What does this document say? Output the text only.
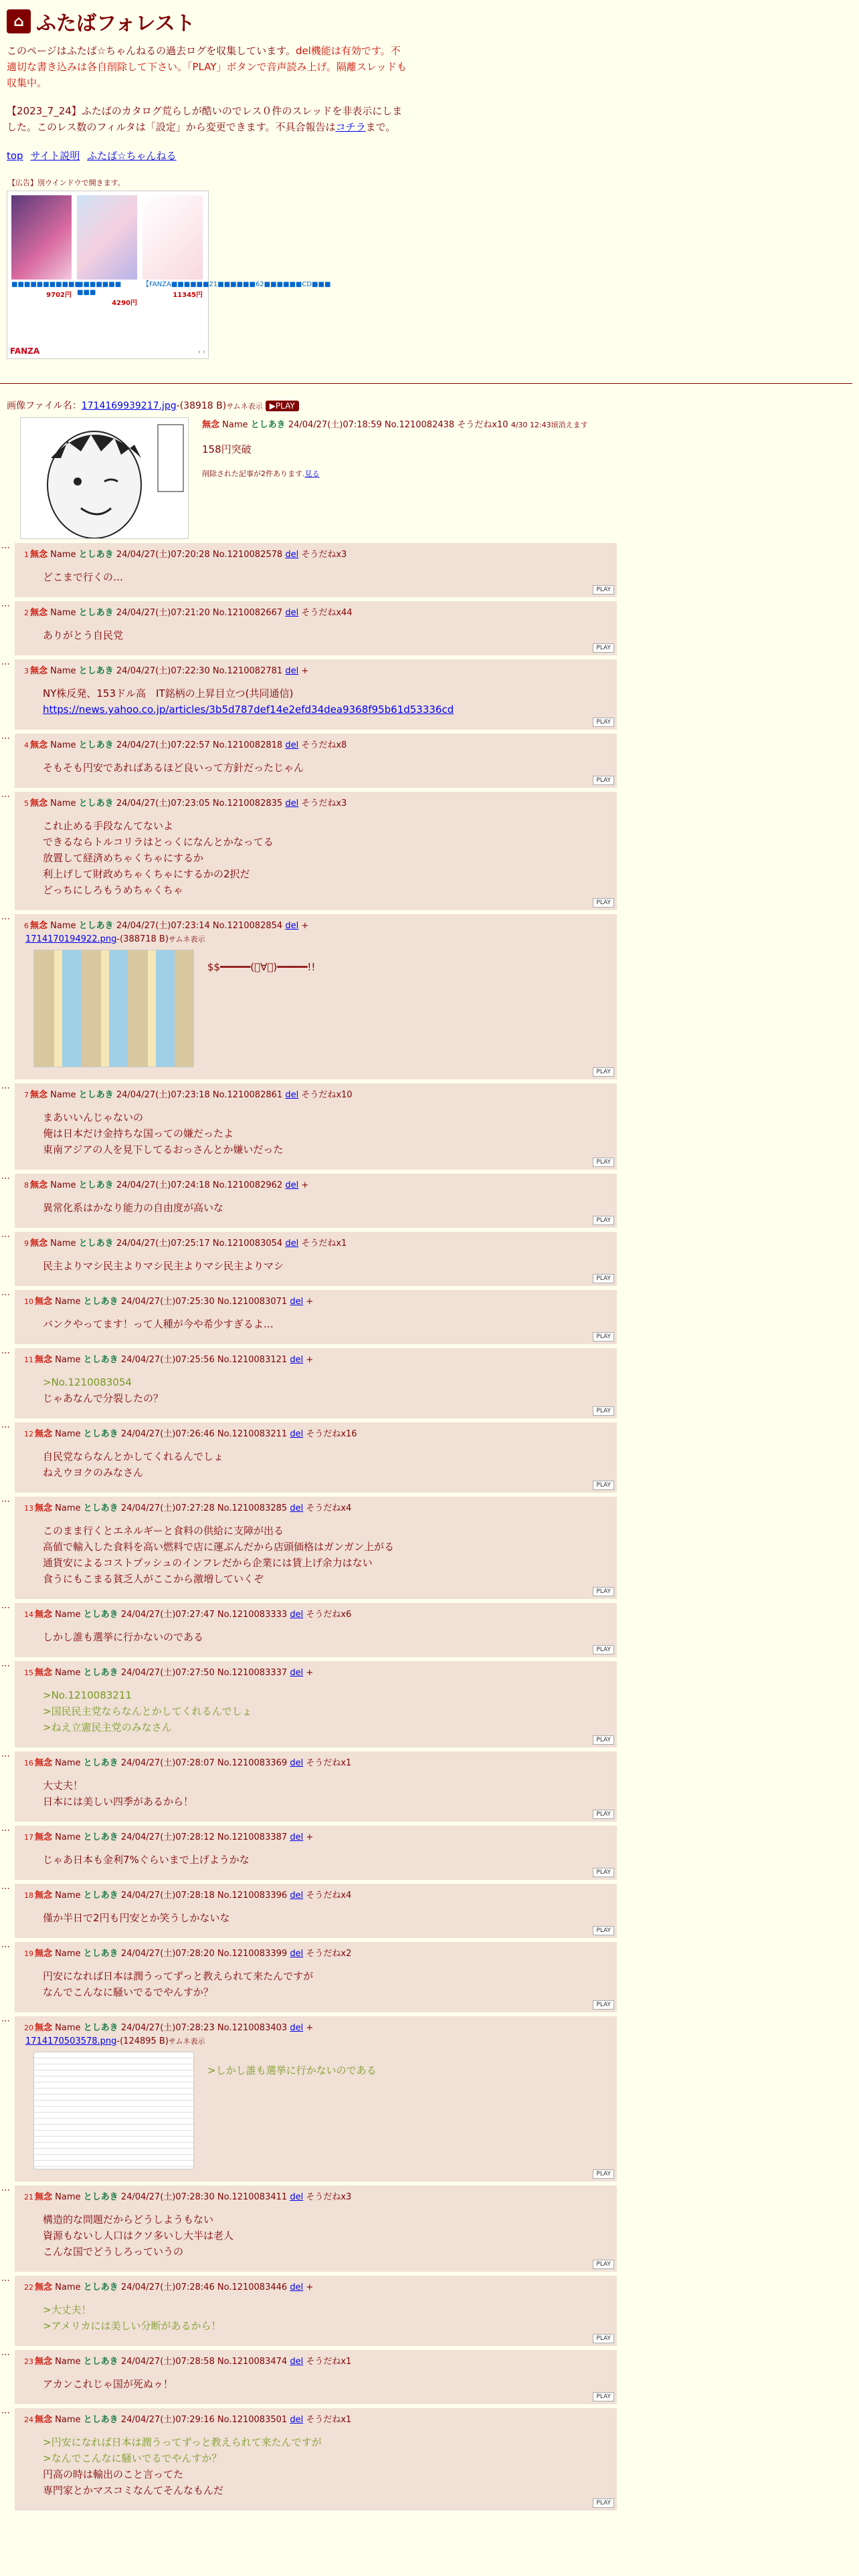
⌂ ふたばフォレスト
このページはふたば☆ちゃんねるの過去ログを収集しています。del機能は有効です。不適切な書き込みは各自削除して下さい。「PLAY」ボタンで音声読み上げ。隔離スレッドも収集中。
【2023_7_24】ふたばのカタログ荒らしが酷いのでレス０件のスレッドを非表示にしました。このレス数のフィルタは「設定」から変更できます。不具合報告はコチラまで。
top サイト説明 ふたば☆ちゃんねる
【広告】別ウインドウで開きます。
■■■■■■■■■■■
9702円
■■■■■■■ ■■■
4290円
【FANZA■■■■■■21■■■■■■62■■■■■■CD■■■
11345円
FANZA	‹ ›
画像ファイル名：1714169939217.jpg-(38918 B)サムネ表示 ▶PLAY
無念 Name としあき 24/04/27(土)07:18:59 No.1210082438 そうだねx10 4/30 12:43頃消えます
158円突破
削除された記事が2件あります.見る
⋯
1 無念 Name としあき 24/04/27(土)07:20:28 No.1210082578 del そうだねx3
どこまで行くの…
PLAY
⋯
2 無念 Name としあき 24/04/27(土)07:21:20 No.1210082667 del そうだねx44
ありがとう自民党
PLAY
⋯
3 無念 Name としあき 24/04/27(土)07:22:30 No.1210082781 del +
NY株反発、153ドル高　IT銘柄の上昇目立つ(共同通信)
https://news.yahoo.co.jp/articles/3b5d787def14e2efd34dea9368f95b61d53336cd
PLAY
⋯
4 無念 Name としあき 24/04/27(土)07:22:57 No.1210082818 del そうだねx8
そもそも円安であればあるほど良いって方針だったじゃん
PLAY
⋯
5 無念 Name としあき 24/04/27(土)07:23:05 No.1210082835 del そうだねx3
これ止める手段なんてないよ
できるならトルコリラはとっくになんとかなってる
放置して経済めちゃくちゃにするか
利上げして財政めちゃくちゃにするかの2択だ
どっちにしろもうめちゃくちゃ
PLAY
⋯
6 無念 Name としあき 24/04/27(土)07:23:14 No.1210082854 del +
1714170194922.png-(388718 B)サムネ表示
$$━━━━━(ﾟ∀ﾟ)━━━━━!!
PLAY
⋯
7 無念 Name としあき 24/04/27(土)07:23:18 No.1210082861 del そうだねx10
まあいいんじゃないの
俺は日本だけ金持ちな国っての嫌だったよ
東南アジアの人を見下してるおっさんとか嫌いだった
PLAY
⋯
8 無念 Name としあき 24/04/27(土)07:24:18 No.1210082962 del +
異常化系はかなり能力の自由度が高いな
PLAY
⋯
9 無念 Name としあき 24/04/27(土)07:25:17 No.1210083054 del そうだねx1
民主よりマシ民主よりマシ民主よりマシ民主よりマシ
PLAY
⋯
10 無念 Name としあき 24/04/27(土)07:25:30 No.1210083071 del +
バンクやってます！って人種が今や希少すぎるよ…
PLAY
⋯
11 無念 Name としあき 24/04/27(土)07:25:56 No.1210083121 del +
>No.1210083054
じゃあなんで分裂したの？
PLAY
⋯
12 無念 Name としあき 24/04/27(土)07:26:46 No.1210083211 del そうだねx16
自民党ならなんとかしてくれるんでしょ
ねえウヨクのみなさん
PLAY
⋯
13 無念 Name としあき 24/04/27(土)07:27:28 No.1210083285 del そうだねx4
このまま行くとエネルギーと食料の供給に支障が出る
高値で輸入した食料を高い燃料で店に運ぶんだから店頭価格はガンガン上がる
通貨安によるコストプッシュのインフレだから企業には賃上げ余力はない
食うにもこまる貧乏人がここから激増していくぞ
PLAY
⋯
14 無念 Name としあき 24/04/27(土)07:27:47 No.1210083333 del そうだねx6
しかし誰も選挙に行かないのである
PLAY
⋯
15 無念 Name としあき 24/04/27(土)07:27:50 No.1210083337 del +
>No.1210083211
>国民民主党ならなんとかしてくれるんでしょ
>ねえ立憲民主党のみなさん
PLAY
⋯
16 無念 Name としあき 24/04/27(土)07:28:07 No.1210083369 del そうだねx1
大丈夫！
日本には美しい四季があるから！
PLAY
⋯
17 無念 Name としあき 24/04/27(土)07:28:12 No.1210083387 del +
じゃあ日本も金利7%ぐらいまで上げようかな
PLAY
⋯
18 無念 Name としあき 24/04/27(土)07:28:18 No.1210083396 del そうだねx4
僅か半日で2円も円安とか笑うしかないな
PLAY
⋯
19 無念 Name としあき 24/04/27(土)07:28:20 No.1210083399 del そうだねx2
円安になれば日本は潤うってずっと教えられて来たんですが
なんでこんなに騒いでるでやんすか？
PLAY
⋯
20 無念 Name としあき 24/04/27(土)07:28:23 No.1210083403 del +
1714170503578.png-(124895 B)サムネ表示
>しかし誰も選挙に行かないのである
PLAY
⋯
21 無念 Name としあき 24/04/27(土)07:28:30 No.1210083411 del そうだねx3
構造的な問題だからどうしようもない
資源もないし人口はクソ多いし大半は老人
こんな国でどうしろっていうの
PLAY
⋯
22 無念 Name としあき 24/04/27(土)07:28:46 No.1210083446 del +
>大丈夫！
>アメリカには美しい分断があるから！
PLAY
⋯
23 無念 Name としあき 24/04/27(土)07:28:58 No.1210083474 del そうだねx1
アカンこれじゃ国が死ぬゥ！
PLAY
⋯
24 無念 Name としあき 24/04/27(土)07:29:16 No.1210083501 del そうだねx1
>円安になれば日本は潤うってずっと教えられて来たんですが
>なんでこんなに騒いでるでやんすか？
円高の時は輸出のこと言ってた
専門家とかマスコミなんてそんなもんだ
PLAY
